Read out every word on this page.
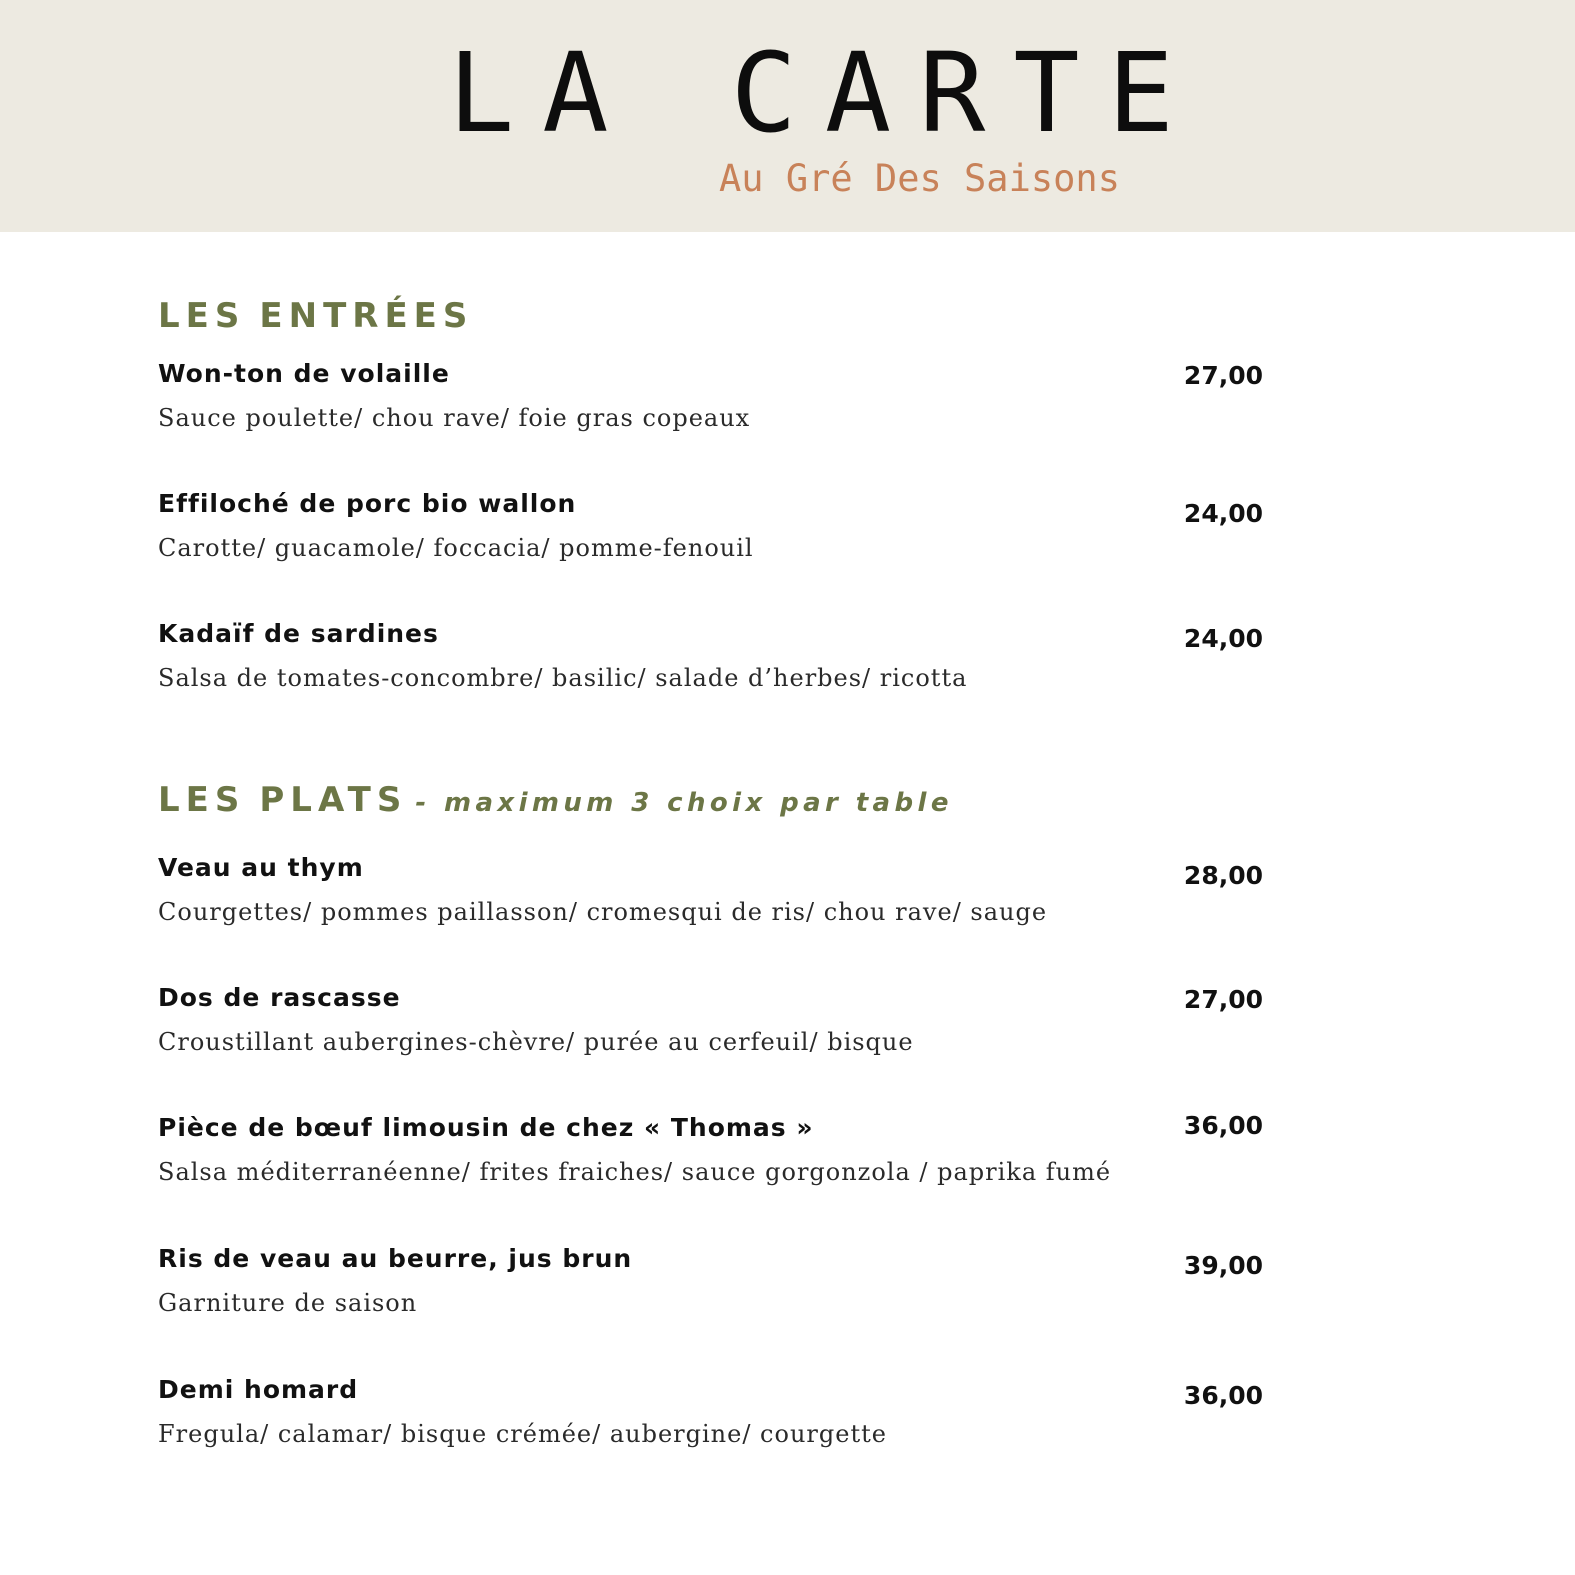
LA CARTE

Au Gré Des Saisons

LES ENTRÉES
Won-ton de volaille	27,00
Sauce poulette/ chou rave/ foie gras copeaux
Effiloché de porc bio wallon	24,00
Carotte/ guacamole/ foccacia/ pomme-fenouil
Kadaïf de sardines	24,00
Salsa de tomates-concombre/ basilic/ salade d’herbes/ ricotta
LES PLATS - maximum 3 choix par table
Veau au thym	28,00
Courgettes/ pommes paillasson/ cromesqui de ris/ chou rave/ sauge
Dos de rascasse	27,00
Croustillant aubergines-chèvre/ purée au cerfeuil/ bisque
Pièce de bœuf limousin de chez « Thomas »	36,00
Salsa méditerranéenne/ frites fraiches/ sauce gorgonzola / paprika fumé
Ris de veau au beurre, jus brun	39,00
Garniture de saison
Demi homard	36,00
Fregula/ calamar/ bisque crémée/ aubergine/ courgette
